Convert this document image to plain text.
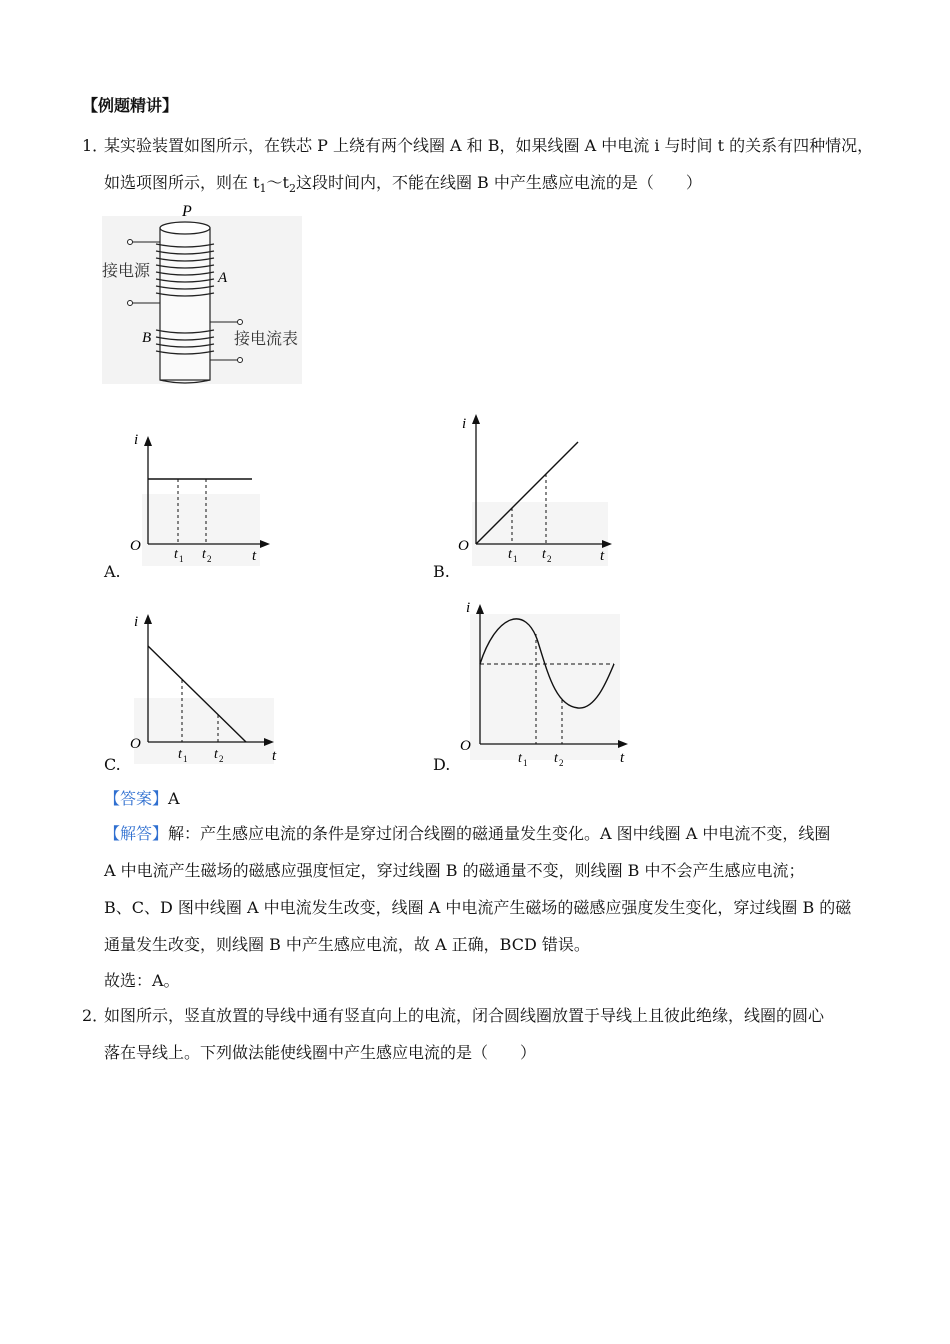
【例题精讲】
1．
某实验装置如图所示，在铁芯 P 上绕有两个线圈 A 和 B，如果线圈 A 中电流 i 与时间 t 的关系有四种情况，
如选项图所示，则在 $t_1\sim t_2$这段时间内，不能在线圈 B 中产生感应电流的是（　　）
P
A
B
接电源
接电流表
i
t
O
t 1 t 2
A.
i
t
O
t 1 t 2
B.
i
t
O
t 1 t 2
C.
i
t
O
t 1 t 2
D.
【答案】A
【解答】解：产生感应电流的条件是穿过闭合线圈的磁通量发生变化。A 图中线圈 A 中电流不变，线圈
A 中电流产生磁场的磁感应强度恒定，穿过线圈 B 的磁通量不变，则线圈 B 中不会产生感应电流；
B、C、D 图中线圈 A 中电流发生改变，线圈 A 中电流产生磁场的磁感应强度发生变化，穿过线圈 B 的磁
通量发生改变，则线圈 B 中产生感应电流，故 A 正确，BCD 错误。
故选：A。
2．
如图所示，竖直放置的导线中通有竖直向上的电流，闭合圆线圈放置于导线上且彼此绝缘，线圈的圆心
落在导线上。下列做法能使线圈中产生感应电流的是（　　）
